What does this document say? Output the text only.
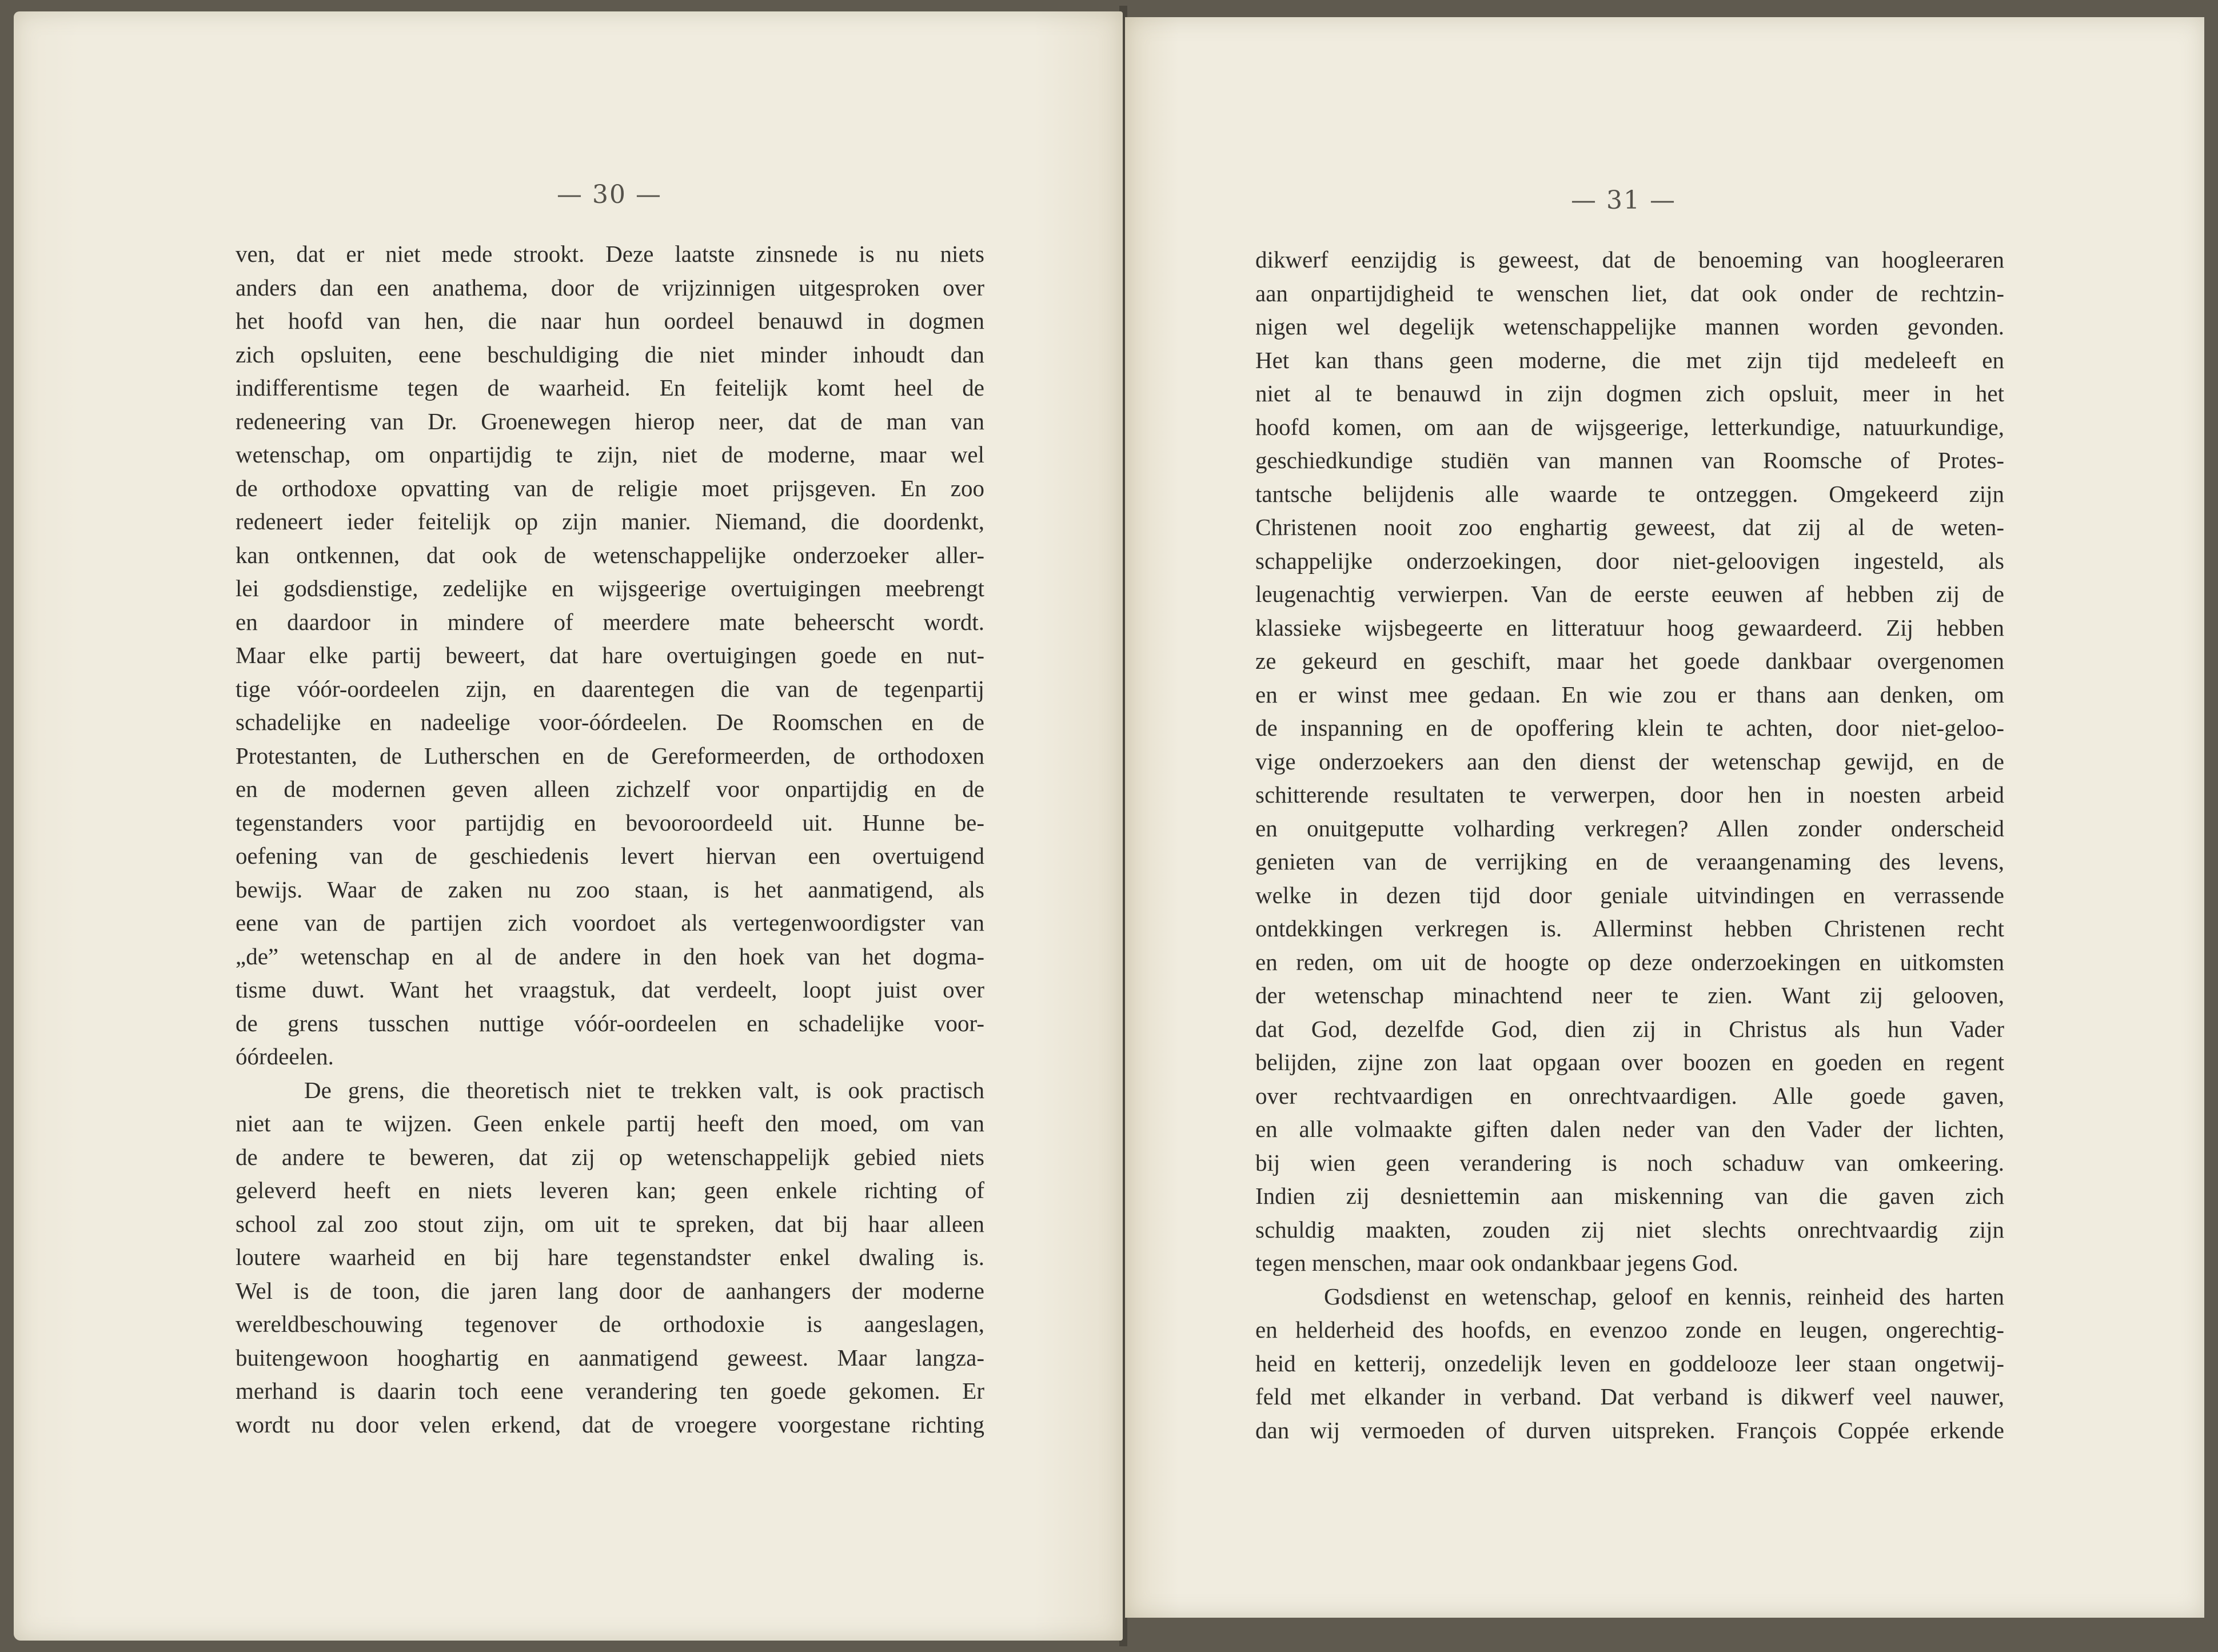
— 30 —
ven, dat er niet mede strookt. Deze laatste zinsnede is nu niets
anders dan een anathema, door de vrijzinnigen uitgesproken over
het hoofd van hen, die naar hun oordeel benauwd in dogmen
zich opsluiten, eene beschuldiging die niet minder inhoudt dan
indifferentisme tegen de waarheid. En feitelijk komt heel de
redeneering van Dr. Groenewegen hierop neer, dat de man van
wetenschap, om onpartijdig te zijn, niet de moderne, maar wel
de orthodoxe opvatting van de religie moet prijsgeven. En zoo
redeneert ieder feitelijk op zijn manier. Niemand, die doordenkt,
kan ontkennen, dat ook de wetenschappelijke onderzoeker aller-
lei godsdienstige, zedelijke en wijsgeerige overtuigingen meebrengt
en daardoor in mindere of meerdere mate beheerscht wordt.
Maar elke partij beweert, dat hare overtuigingen goede en nut-
tige vóór-oordeelen zijn, en daarentegen die van de tegenpartij
schadelijke en nadeelige voor-óórdeelen. De Roomschen en de
Protestanten, de Lutherschen en de Gereformeerden, de orthodoxen
en de modernen geven alleen zichzelf voor onpartijdig en de
tegenstanders voor partijdig en bevooroordeeld uit. Hunne be-
oefening van de geschiedenis levert hiervan een overtuigend
bewijs. Waar de zaken nu zoo staan, is het aanmatigend, als
eene van de partijen zich voordoet als vertegenwoordigster van
„de” wetenschap en al de andere in den hoek van het dogma-
tisme duwt. Want het vraagstuk, dat verdeelt, loopt juist over
de grens tusschen nuttige vóór-oordeelen en schadelijke voor-
óórdeelen.
De grens, die theoretisch niet te trekken valt, is ook practisch
niet aan te wijzen. Geen enkele partij heeft den moed, om van
de andere te beweren, dat zij op wetenschappelijk gebied niets
geleverd heeft en niets leveren kan; geen enkele richting of
school zal zoo stout zijn, om uit te spreken, dat bij haar alleen
loutere waarheid en bij hare tegenstandster enkel dwaling is.
Wel is de toon, die jaren lang door de aanhangers der moderne
wereldbeschouwing tegenover de orthodoxie is aangeslagen,
buitengewoon hooghartig en aanmatigend geweest. Maar langza-
merhand is daarin toch eene verandering ten goede gekomen. Er
wordt nu door velen erkend, dat de vroegere voorgestane richting
— 31 —
dikwerf eenzijdig is geweest, dat de benoeming van hoogleeraren
aan onpartijdigheid te wenschen liet, dat ook onder de rechtzin-
nigen wel degelijk wetenschappelijke mannen worden gevonden.
Het kan thans geen moderne, die met zijn tijd medeleeft en
niet al te benauwd in zijn dogmen zich opsluit, meer in het
hoofd komen, om aan de wijsgeerige, letterkundige, natuurkundige,
geschiedkundige studiën van mannen van Roomsche of Protes-
tantsche belijdenis alle waarde te ontzeggen. Omgekeerd zijn
Christenen nooit zoo enghartig geweest, dat zij al de weten-
schappelijke onderzoekingen, door niet-geloovigen ingesteld, als
leugenachtig verwierpen. Van de eerste eeuwen af hebben zij de
klassieke wijsbegeerte en litteratuur hoog gewaardeerd. Zij hebben
ze gekeurd en geschift, maar het goede dankbaar overgenomen
en er winst mee gedaan. En wie zou er thans aan denken, om
de inspanning en de opoffering klein te achten, door niet-geloo-
vige onderzoekers aan den dienst der wetenschap gewijd, en de
schitterende resultaten te verwerpen, door hen in noesten arbeid
en onuitgeputte volharding verkregen? Allen zonder onderscheid
genieten van de verrijking en de veraangenaming des levens,
welke in dezen tijd door geniale uitvindingen en verrassende
ontdekkingen verkregen is. Allerminst hebben Christenen recht
en reden, om uit de hoogte op deze onderzoekingen en uitkomsten
der wetenschap minachtend neer te zien. Want zij gelooven,
dat God, dezelfde God, dien zij in Christus als hun Vader
belijden, zijne zon laat opgaan over boozen en goeden en regent
over rechtvaardigen en onrechtvaardigen. Alle goede gaven,
en alle volmaakte giften dalen neder van den Vader der lichten,
bij wien geen verandering is noch schaduw van omkeering.
Indien zij desniettemin aan miskenning van die gaven zich
schuldig maakten, zouden zij niet slechts onrechtvaardig zijn
tegen menschen, maar ook ondankbaar jegens God.
Godsdienst en wetenschap, geloof en kennis, reinheid des harten
en helderheid des hoofds, en evenzoo zonde en leugen, ongerechtig-
heid en ketterij, onzedelijk leven en goddelooze leer staan ongetwij-
feld met elkander in verband. Dat verband is dikwerf veel nauwer,
dan wij vermoeden of durven uitspreken. François Coppée erkende
